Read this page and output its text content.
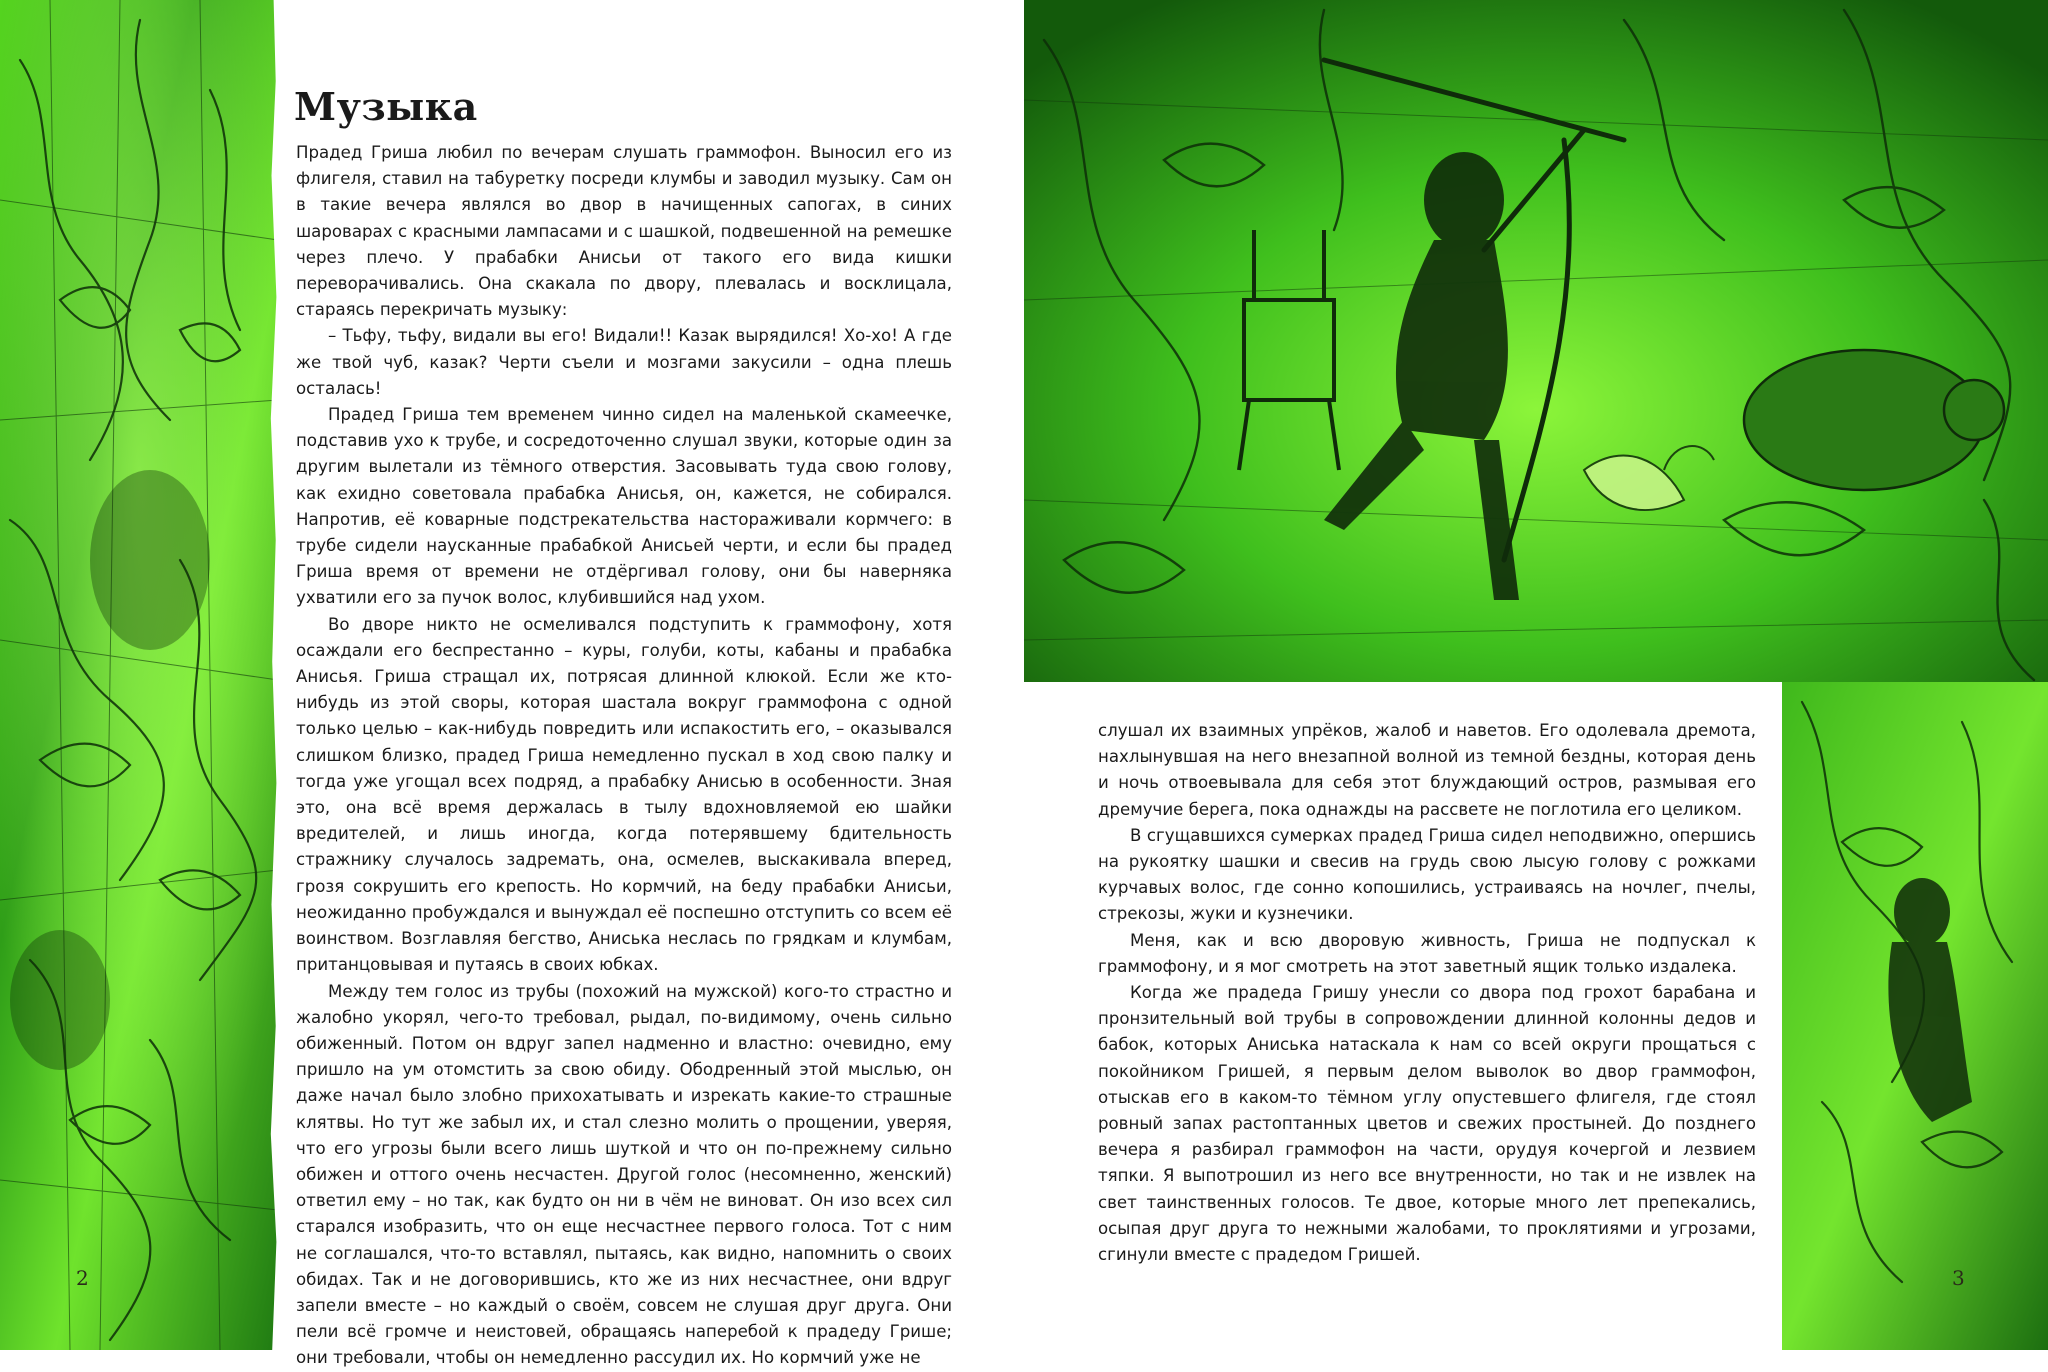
Музыка

Прадед Гриша любил по вечерам слушать граммофон. Выносил его из флигеля, ставил на табуретку посреди клумбы и заводил музыку. Сам он в такие вечера являлся во двор в начищенных сапогах, в синих шароварах с красными лампасами и с шашкой, подвешенной на ремешке через плечо. У прабабки Анисьи от такого его вида кишки переворачивались. Она скакала по двору, плевалась и восклицала, стараясь перекричать музыку:

– Тьфу, тьфу, видали вы его! Видали!! Казак вырядился! Хо-хо! А где же твой чуб, казак? Черти съели и мозгами закусили – одна плешь осталась!

Прадед Гриша тем временем чинно сидел на маленькой скамеечке, подставив ухо к трубе, и сосредоточенно слушал звуки, которые один за другим вылетали из тёмного отверстия. Засовывать туда свою голову, как ехидно советовала прабабка Анисья, он, кажется, не собирался. Напротив, её коварные подстрекательства настораживали кормчего: в трубе сидели наусканные прабабкой Анисьей черти, и если бы прадед Гриша время от времени не отдёргивал голову, они бы наверняка ухватили его за пучок волос, клубившийся над ухом.

Во дворе никто не осмеливался подступить к граммофону, хотя осаждали его беспрестанно – куры, голуби, коты, кабаны и прабабка Анисья. Гриша стращал их, потрясая длинной клюкой. Если же кто-нибудь из этой своры, которая шастала вокруг граммофона с одной только целью – как-нибудь повредить или испакостить его, – оказывался слишком близко, прадед Гриша немедленно пускал в ход свою палку и тогда уже угощал всех подряд, а прабабку Анисью в особенности. Зная это, она всё время держалась в тылу вдохновляемой ею шайки вредителей, и лишь иногда, когда потерявшему бдительность стражнику случалось задремать, она, осмелев, выскакивала вперед, грозя сокрушить его крепость. Но кормчий, на беду прабабки Анисьи, неожиданно пробуждался и вынуждал её поспешно отступить со всем её воинством. Возглавляя бегство, Аниська неслась по грядкам и клумбам, пританцовывая и путаясь в своих юбках.

Между тем голос из трубы (похожий на мужской) кого-то страстно и жалобно укорял, чего-то требовал, рыдал, по-видимому, очень сильно обиженный. Потом он вдруг запел надменно и властно: очевидно, ему пришло на ум отомстить за свою обиду. Ободренный этой мыслью, он даже начал было злобно прихохатывать и изрекать какие-то страшные клятвы. Но тут же забыл их, и стал слезно молить о прощении, уверяя, что его угрозы были всего лишь шуткой и что он по-прежнему сильно обижен и оттого очень несчастен. Другой голос (несомненно, женский) ответил ему – но так, как будто он ни в чём не виноват. Он изо всех сил старался изобразить, что он еще несчастнее первого голоса. Тот с ним не соглашался, что-то вставлял, пытаясь, как видно, напомнить о своих обидах. Так и не договорившись, кто же из них несчастнее, они вдруг запели вместе – но каждый о своём, совсем не слушая друг друга. Они пели всё громче и неистовей, обращаясь наперебой к прадеду Грише; они требовали, чтобы он немедленно рассудил их. Но кормчий уже не

слушал их взаимных упрёков, жалоб и наветов. Его одолевала дремота, нахлынувшая на него внезапной волной из темной бездны, которая день и ночь отвоевывала для себя этот блуждающий остров, размывая его дремучие берега, пока однажды на рассвете не поглотила его целиком.

В сгущавшихся сумерках прадед Гриша сидел неподвижно, опершись на рукоятку шашки и свесив на грудь свою лысую голову с рожками курчавых волос, где сонно копошились, устраиваясь на ночлег, пчелы, стрекозы, жуки и кузнечики.

Меня, как и всю дворовую живность, Гриша не подпускал к граммофону, и я мог смотреть на этот заветный ящик только издалека.

Когда же прадеда Гришу унесли со двора под грохот барабана и пронзительный вой трубы в сопровождении длинной колонны дедов и бабок, которых Аниська натаскала к нам со всей округи прощаться с покойником Гришей, я первым делом выволок во двор граммофон, отыскав его в каком-то тёмном углу опустевшего флигеля, где стоял ровный запах растоптанных цветов и свежих простыней. До позднего вечера я разбирал граммофон на части, орудуя кочергой и лезвием тяпки. Я выпотрошил из него все внутренности, но так и не извлек на свет таинственных голосов. Те двое, которые много лет препекались, осыпая друг друга то нежными жалобами, то проклятиями и угрозами, сгинули вместе с прадедом Гришей.

2	3
